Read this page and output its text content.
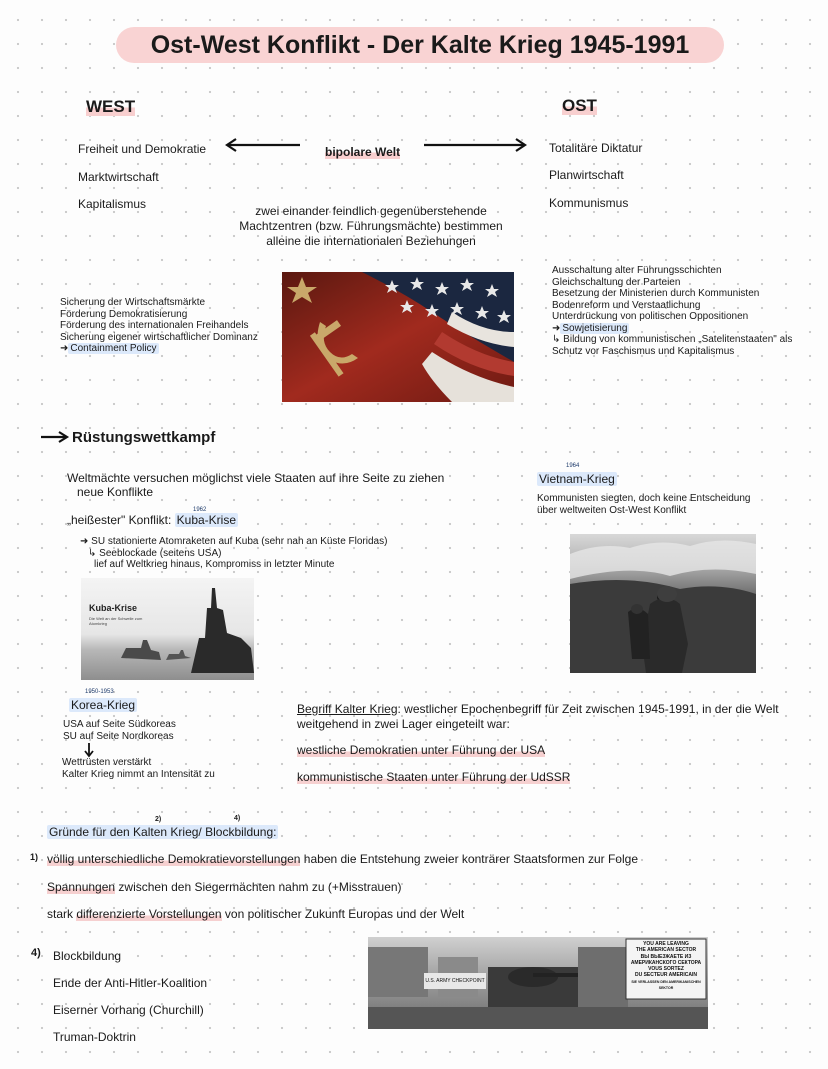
Ost-West Konflikt - Der Kalte Krieg 1945-1991
WEST
Freiheit und Demokratie
Marktwirtschaft
Kapitalismus
bipolare Welt
OST
Totalitäre Diktatur
Planwirtschaft
Kommunismus
zwei einander feindlich gegenüberstehende
Machtzentren (bzw. Führungsmächte) bestimmen
alleine die internationalen Beziehungen
Sicherung der Wirtschaftsmärkte
Förderung Demokratisierung
Förderung des internationalen Freihandels
Sicherung eigener wirtschaftlicher Dominanz
➜ Containment Policy
Ausschaltung alter Führungsschichten
Gleichschaltung der Parteien
Besetzung der Ministerien durch Kommunisten
Bodenreform und Verstaatlichung
Unterdrückung von politischen Oppositionen
➜ Sowjetisierung
↳ Bildung von kommunistischen „Satelitenstaaten" als
Schutz vor Faschismus und Kapitalismus
Rüstungswettkampf
Weltmächte versuchen möglichst viele Staaten auf ihre Seite zu ziehen
neue Konflikte
1962
„heißester" Konflikt: Kuba-Krise
➜ SU stationierte Atomraketen auf Kuba (sehr nah an Küste Floridas)
↳ Seeblockade (seitens USA)
lief auf Weltkrieg hinaus, Kompromiss in letzter Minute
Kuba-Krise
Die Welt an der Schwelle zum
Atomkrieg
1964
Vietnam-Krieg
Kommunisten siegten, doch keine Entscheidung
über weltweiten Ost-West Konflikt
1950-1953
Korea-Krieg
USA auf Seite Südkoreas
SU auf Seite Nordkoreas
Wettrüsten verstärkt
Kalter Krieg nimmt an Intensität zu
Begriff Kalter Krieg: westlicher Epochenbegriff für Zeit zwischen 1945-1991, in der die Welt
weitgehend in zwei Lager eingeteilt war:
westliche Demokratien unter Führung der USA
kommunistische Staaten unter Führung der UdSSR
2)	4)
Gründe für den Kalten Krieg/ Blockbildung:
1) völlig unterschiedliche Demokratievorstellungen haben die Entstehung zweier konträrer Staatsformen zur Folge
Spannungen zwischen den Siegermächten nahm zu (+Misstrauen)
stark differenzierte Vorstellungen von politischer Zukunft Europas und der Welt
4) Blockbildung
Ende der Anti-Hitler-Koalition
Eiserner Vorhang (Churchill)
Truman-Doktrin
U.S. ARMY CHECKPOINT
YOU ARE LEAVING
THE AMERICAN SECTOR
ВЫ ВЫЕЗЖАЕТЕ ИЗ
АМЕРИКАНСКОГО СЕКТОРА
VOUS SORTEZ
DU SECTEUR AMERICAIN
SIE VERLASSEN DEN AMERIKANISCHEN SEKTOR
